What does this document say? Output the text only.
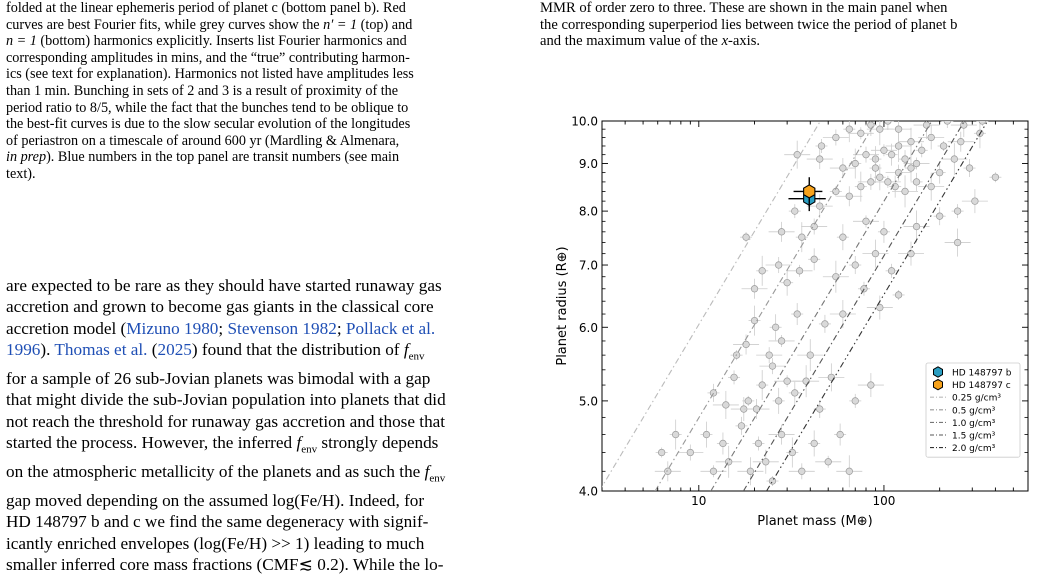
folded at the linear ephemeris period of planet c (bottom panel b). Red
curves are best Fourier fits, while grey curves show the n′ = 1 (top) and
n = 1 (bottom) harmonics explicitly. Inserts list Fourier harmonics and
corresponding amplitudes in mins, and the “true” contributing harmon-
ics (see text for explanation). Harmonics not listed have amplitudes less
than 1 min. Bunching in sets of 2 and 3 is a result of proximity of the
period ratio to 8/5, while the fact that the bunches tend to be oblique to
the best-fit curves is due to the slow secular evolution of the longitudes
of periastron on a timescale of around 600 yr (Mardling & Almenara,
in prep). Blue numbers in the top panel are transit numbers (see main
text).
are expected to be rare as they should have started runaway gas
accretion and grown to become gas giants in the classical core
accretion model (Mizuno 1980; Stevenson 1982; Pollack et al.
1996). Thomas et al. (2025) found that the distribution of $f_{env}$
for a sample of 26 sub-Jovian planets was bimodal with a gap
that might divide the sub-Jovian population into planets that did
not reach the threshold for runaway gas accretion and those that
started the process. However, the inferred $f_{env}$ strongly depends
on the atmospheric metallicity of the planets and as such the $f_{env}$
gap moved depending on the assumed log(Fe/H). Indeed, for
HD 148797 b and c we find the same degeneracy with signif-
icantly enriched envelopes (log(Fe/H) >> 1) leading to much
smaller inferred core mass fractions (CMF≲ 0.2). While the lo-
MMR of order zero to three. These are shown in the main panel when
the corresponding superperiod lies between twice the period of planet b
and the maximum value of the x-axis.
10	100
4.0
5.0
6.0
7.0
8.0
9.0
10.0
Planet mass (M⊕)
Planet radius (R⊕)
HD 148797 b
HD 148797 c
0.25 g/cm³
0.5 g/cm³
1.0 g/cm³
1.5 g/cm³
2.0 g/cm³
